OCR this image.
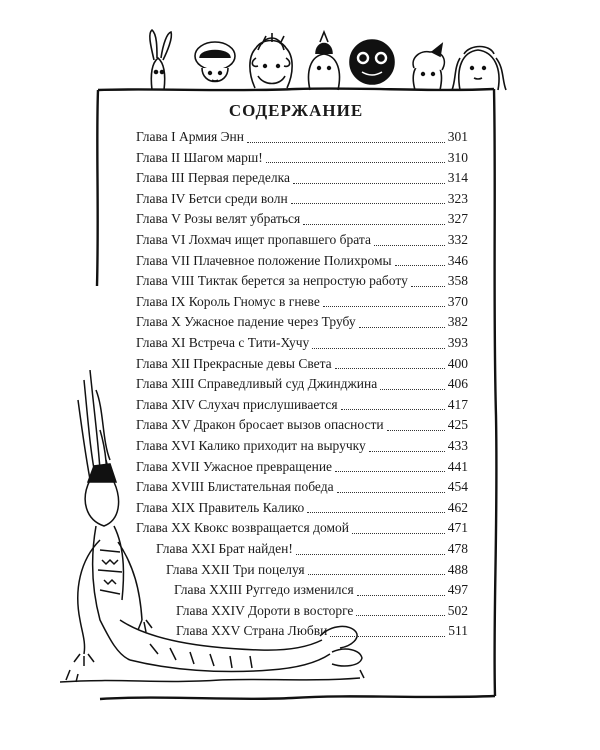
СОДЕРЖАНИЕ
Глава I Армия Энн	301
Глава II Шагом марш!	310
Глава III Первая переделка	314
Глава IV Бетси среди волн	323
Глава V Розы велят убраться	327
Глава VI Лохмач ищет пропавшего брата	332
Глава VII Плачевное положение Полихромы	346
Глава VIII Тиктак берется за непростую работу	358
Глава IX Король Гномус в гневе	370
Глава X Ужасное падение через Трубу	382
Глава XI Встреча с Тити-Хучу	393
Глава XII Прекрасные девы Света	400
Глава XIII Справедливый суд Джинджина	406
Глава XIV Слухач прислушивается	417
Глава XV Дракон бросает вызов опасности	425
Глава XVI Калико приходит на выручку	433
Глава XVII Ужасное превращение	441
Глава XVIII Блистательная победа	454
Глава XIX Правитель Калико	462
Глава XX Квокс возвращается домой	471
Глава XXI Брат найден!	478
Глава XXII Три поцелуя	488
Глава XXIII Руггедо изменился	497
Глава XXIV Дороти в восторге	502
Глава XXV Страна Любви	511
